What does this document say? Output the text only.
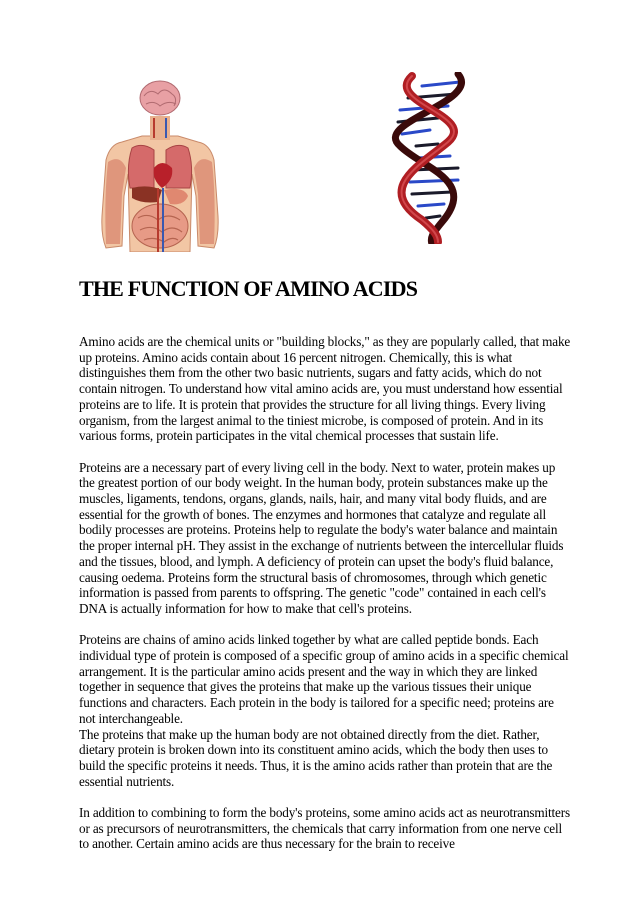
THE FUNCTION OF AMINO ACIDS

Amino acids are the chemical units or "building blocks," as they are popularly called, that make up proteins. Amino acids contain about 16 percent nitrogen. Chemically, this is what distinguishes them from the other two basic nutrients, sugars and fatty acids, which do not contain nitrogen. To understand how vital amino acids are, you must understand how essential proteins are to life. It is protein that provides the structure for all living things. Every living organism, from the largest animal to the tiniest microbe, is composed of protein. And in its various forms, protein participates in the vital chemical processes that sustain life.

Proteins are a necessary part of every living cell in the body. Next to water, protein makes up the greatest portion of our body weight. In the human body, protein substances make up the muscles, ligaments, tendons, organs, glands, nails, hair, and many vital body fluids, and are essential for the growth of bones. The enzymes and hormones that catalyze and regulate all bodily processes are proteins. Proteins help to regulate the body's water balance and maintain the proper internal pH. They assist in the exchange of nutrients between the intercellular fluids and the tissues, blood, and lymph. A deficiency of protein can upset the body's fluid balance, causing oedema. Proteins form the structural basis of chromosomes, through which genetic information is passed from parents to offspring. The genetic "code" contained in each cell's DNA is actually information for how to make that cell's proteins.

Proteins are chains of amino acids linked together by what are called peptide bonds. Each individual type of protein is composed of a specific group of amino acids in a specific chemical arrangement. It is the particular amino acids present and the way in which they are linked together in sequence that gives the proteins that make up the various tissues their unique functions and characters. Each protein in the body is tailored for a specific need; proteins are not interchangeable.

The proteins that make up the human body are not obtained directly from the diet. Rather, dietary protein is broken down into its constituent amino acids, which the body then uses to build the specific proteins it needs. Thus, it is the amino acids rather than protein that are the essential nutrients.

In addition to combining to form the body's proteins, some amino acids act as neurotransmitters or as precursors of neurotransmitters, the chemicals that carry information from one nerve cell to another. Certain amino acids are thus necessary for the brain to receive
